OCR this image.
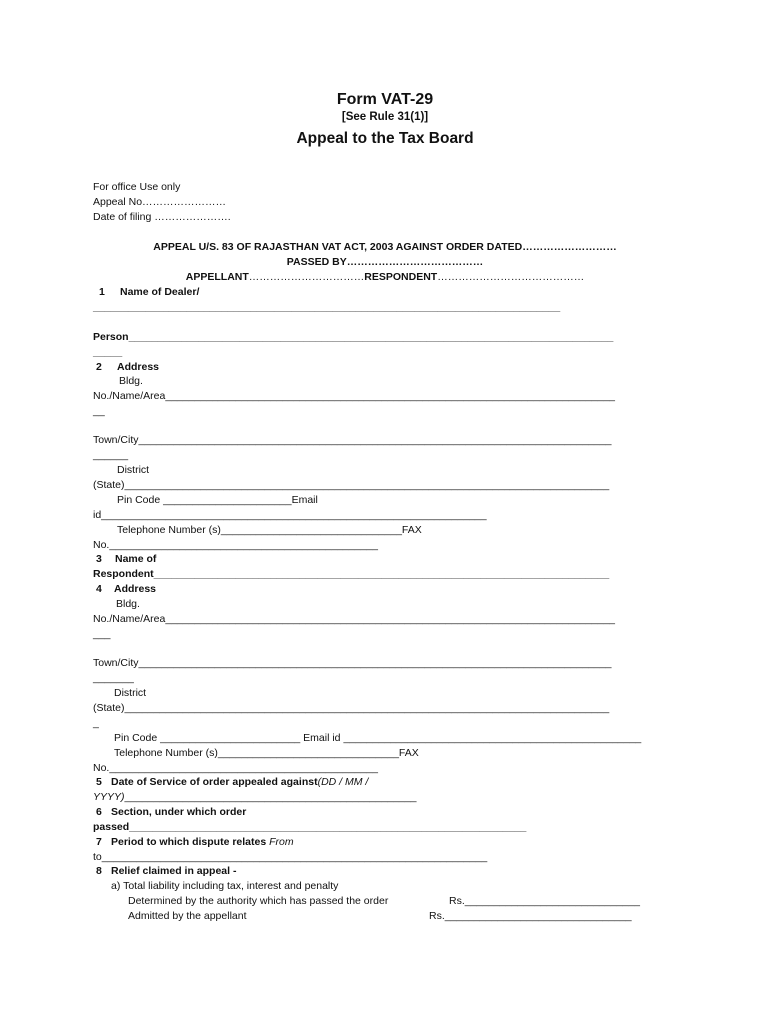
Form VAT-29
[See Rule 31(1)]
Appeal to the Tax Board
For office Use only
Appeal No……………………
Date of filing ………………….
APPEAL U/S. 83 OF RAJASTHAN VAT ACT, 2003 AGAINST ORDER DATED………………………
PASSED BY…………………………………
APPELLANT……………………………RESPONDENT……………………………………
1 Name of Dealer/
________________________________________________________________________________
Person___________________________________________________________________________________
_____
2 Address
Bldg.
No./Name/Area_____________________________________________________________________________
__
Town/City_________________________________________________________________________________
______
District
(State)___________________________________________________________________________________
Pin Code ______________________Email
id__________________________________________________________________
Telephone Number (s)_______________________________FAX
No.______________________________________________
3 Name of
Respondent______________________________________________________________________________
4 Address
Bldg.
No./Name/Area_____________________________________________________________________________
___
Town/City_________________________________________________________________________________
_______
District
(State)___________________________________________________________________________________
_
Pin Code ________________________ Email id ___________________________________________________
Telephone Number (s)_______________________________FAX
No.______________________________________________
5 Date of Service of order appealed against(DD / MM /
YYYY)__________________________________________________
6 Section, under which order
passed____________________________________________________________________
7 Period to which dispute relates From
to__________________________________________________________________
8 Relief claimed in appeal -
a) Total liability including tax, interest and penalty
Determined by the authority which has passed the order	Rs.______________________________
Admitted by the appellant	Rs.________________________________
